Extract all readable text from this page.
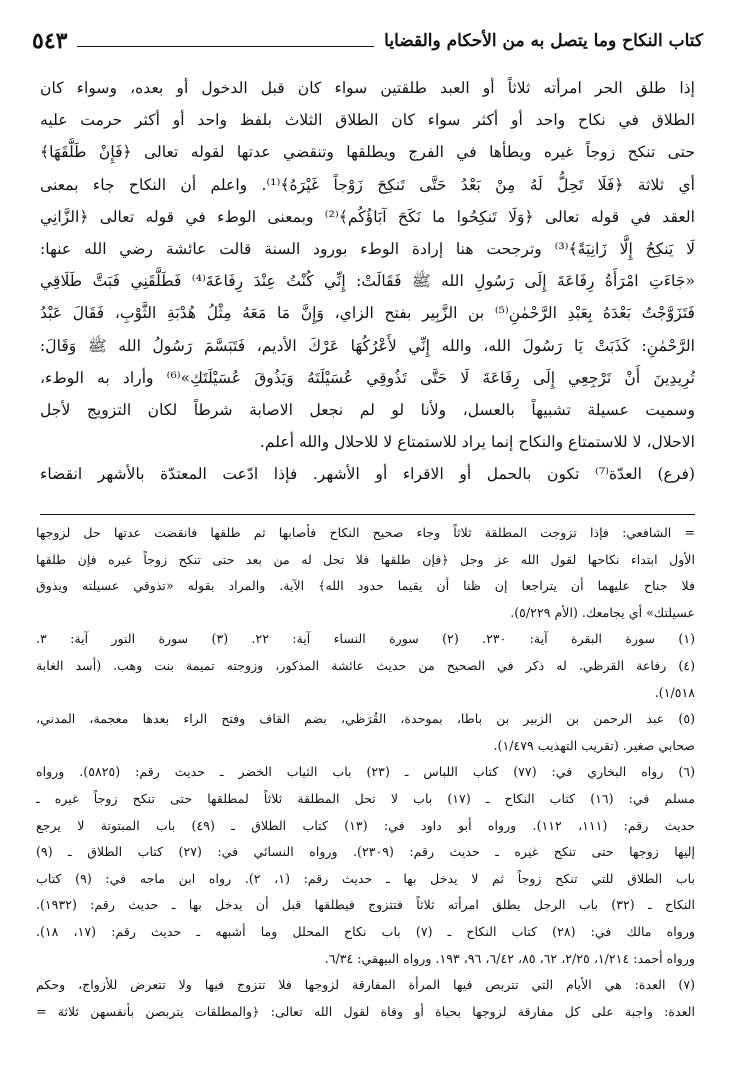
كتاب النكاح وما يتصل به من الأحكام والقضايا
٥٤٣

إذا طلق الحر امرأته ثلاثاً أو العبد طلقتين سواء كان قبل الدخول أو بعده، وسواء كان
الطلاق في نكاح واحد أو أكثر سواء كان الطلاق الثلاث بلفظ واحد أو أكثر حرمت عليه
حتى تنكح زوجاً غيره ويطأها في الفرج ويطلقها وتنقضي عدتها لقوله تعالى ﴿فَإِنْ طَلَّقَهَا﴾
أي ثلاثة ﴿فَلَا تَحِلُّ لَهُ مِنْ بَعْدُ حَتَّى تَنكِحَ زَوْجاً غَيْرَهُ﴾⁽¹⁾. واعلم أن النكاح جاء بمعنى
العقد في قوله تعالى ﴿وَلَا تَنكِحُوا ما نَكَحَ آبَاؤُكُم﴾⁽²⁾ وبمعنى الوطء في قوله تعالى ﴿الزَّانِي
لَا يَنكِحُ إِلَّا زَانِيَةً﴾⁽³⁾ وترجحت هنا إرادة الوطء بورود السنة قالت عائشة رضي الله عنها:
«جَاءَتِ امْرَأَةُ رِفَاعَةَ إِلَى رَسُولِ الله ﷺ فَقَالَتْ: إِنِّي كُنْتُ عِنْدَ رِفَاعَةَ⁽⁴⁾ فَطَلَّقَنِي فَبَتَّ طَلَاقِي
فَتَزَوَّجْتُ بَعْدَهُ بِعَبْدِ الرَّحْمٰنِ⁽⁵⁾ بن الزَّبِير بفتح الزاي، وَإِنَّ مَا مَعَهُ مِثْلُ هُدْبَةِ الثَّوْبِ، فَقَالَ عَبْدُ
الرَّحْمٰنِ: كَذَبَتْ يَا رَسُولَ الله، والله إِنِّي لأَعْرُكُهَا عَرْكَ الأديم، فَتَبَسَّمَ رَسُولُ الله ﷺ وَقَالَ:
تُرِيدِينَ أَنْ تَرْجِعِي إِلَى رِفَاعَةَ لَا حَتَّى تَذُوقِي عُسَيْلَتَهُ وَيَذُوقَ عُسَيْلَتَكِ»⁽⁶⁾ وأراد به الوطء،
وسميت عسيلة تشبيهاً بالعسل، ولأنا لو لم نجعل الاصابة شرطاً لكان التزويج لأجل
الاحلال، لا للاستمتاع والنكاح إنما يراد للاستمتاع لا للاحلال والله أعلم.

(فرع) العدّة⁽⁷⁾ تكون بالحمل أو الاقراء أو الأشهر. فإذا ادّعت المعتدّة بالأشهر انقضاء

= الشافعي: فإذا تزوجت المطلقة ثلاثاً وجاء صحيح النكاح فأصابها ثم طلقها فانقضت عدتها حل لزوجها
الأول ابتداء نكاحها لقول الله عز وجل ﴿فإن طلقها فلا تحل له من بعد حتى تنكح زوجاً غيره فإن طلقها
فلا جناح عليهما أن يتراجعا إن ظنا أن يقيما حدود الله﴾ الآية. والمراد بقوله «تذوقي عسيلته ويذوق
عسيلتك» أي يجامعك. (الأم ٥/٢٢٩).
(١) سورة البقرة آية: ٢٣٠. (٢) سورة النساء آية: ٢٢. (٣) سورة النور آية: ٣.
(٤) رفاعة القرظي. له ذكر في الصحيح من حديث عائشة المذكور، وزوجته تميمة بنت وهب. (أسد الغابة
١/٥١٨).
(٥) عبد الرحمن بن الزبير بن باطا، بموحدة، القُرَظي، بضم القاف وفتح الراء بعدها معجمة، المدني،
صحابي صغير. (تقريب التهذيب ١/٤٧٩).
(٦) رواه البخاري في: (٧٧) كتاب اللباس ـ (٢٣) باب الثياب الخضر ـ حديث رقم: (٥٨٢٥). ورواه
مسلم في: (١٦) كتاب النكاح ـ (١٧) باب لا تحل المطلقة ثلاثاً لمطلقها حتى تنكح زوجاً غيره ـ
حديث رقم: (١١١، ١١٢). ورواه أبو داود في: (١٣) كتاب الطلاق ـ (٤٩) باب المبتوتة لا يرجع
إليها زوجها حتى تنكح غيره ـ حديث رقم: (٢٣٠٩). ورواه النسائي في: (٢٧) كتاب الطلاق ـ (٩)
باب الطلاق للتي تنكح زوجاً ثم لا يدخل بها ـ حديث رقم: (١، ٢). رواه ابن ماجه في: (٩) كتاب
النكاح ـ (٣٢) باب الرجل يطلق امرأته ثلاثاً فتتزوج فيطلقها قبل أن يدخل بها ـ حديث رقم: (١٩٣٢).
ورواه مالك في: (٢٨) كتاب النكاح ـ (٧) باب نكاح المحلل وما أشبهه ـ حديث رقم: (١٧، ١٨).
ورواه أحمد: ١/٢١٤، ٢/٢٥، ٦٢، ٨٥، ٦/٤٢، ٩٦، ١٩٣. ورواه البيهقي: ٦/٣٤.
(٧) العدة: هي الأيام التي تتربص فيها المرأة المفارقة لزوجها فلا تتزوج فيها ولا تتعرض للأزواج، وحكم
العدة: واجبة على كل مفارقة لزوجها بحياة أو وفاة لقول الله تعالى: ﴿والمطلقات يتربصن بأنفسهن ثلاثة =
